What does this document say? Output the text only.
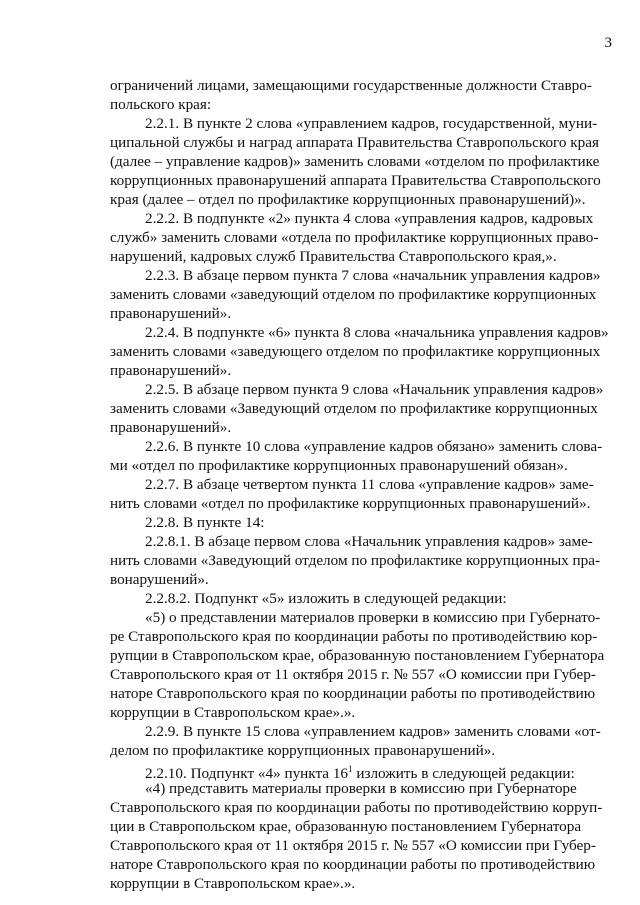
3
ограничений лицами, замещающими государственные должности Ставро-
польского края:
2.2.1. В пункте 2 слова «управлением кадров, государственной, муни-
ципальной службы и наград аппарата Правительства Ставропольского края
(далее – управление кадров)» заменить словами «отделом по профилактике
коррупционных правонарушений аппарата Правительства Ставропольского
края (далее – отдел по профилактике коррупционных правонарушений)».
2.2.2. В подпункте «2» пункта 4 слова «управления кадров, кадровых
служб» заменить словами «отдела по профилактике коррупционных право-
нарушений, кадровых служб Правительства Ставропольского края,».
2.2.3. В абзаце первом пункта 7 слова «начальник управления кадров»
заменить словами «заведующий отделом по профилактике коррупционных
правонарушений».
2.2.4. В подпункте «6» пункта 8 слова «начальника управления кадров»
заменить словами «заведующего отделом по профилактике коррупционных
правонарушений».
2.2.5. В абзаце первом пункта 9 слова «Начальник управления кадров»
заменить словами «Заведующий отделом по профилактике коррупционных
правонарушений».
2.2.6. В пункте 10 слова «управление кадров обязано» заменить слова-
ми «отдел по профилактике коррупционных правонарушений обязан».
2.2.7. В абзаце четвертом пункта 11 слова «управление кадров» заме-
нить словами «отдел по профилактике коррупционных правонарушений».
2.2.8. В пункте 14:
2.2.8.1. В абзаце первом слова «Начальник управления кадров» заме-
нить словами «Заведующий отделом по профилактике коррупционных пра-
вонарушений».
2.2.8.2. Подпункт «5» изложить в следующей редакции:
«5) о представлении материалов проверки в комиссию при Губернато-
ре Ставропольского края по координации работы по противодействию кор-
рупции в Ставропольском крае, образованную постановлением Губернатора
Ставропольского края от 11 октября 2015 г. № 557 «О комиссии при Губер-
наторе Ставропольского края по координации работы по противодействию
коррупции в Ставропольском крае».».
2.2.9. В пункте 15 слова «управлением кадров» заменить словами «от-
делом по профилактике коррупционных правонарушений».
2.2.10. Подпункт «4» пункта 161 изложить в следующей редакции:
«4) представить материалы проверки в комиссию при Губернаторе
Ставропольского края по координации работы по противодействию корруп-
ции в Ставропольском крае, образованную постановлением Губернатора
Ставропольского края от 11 октября 2015 г. № 557 «О комиссии при Губер-
наторе Ставропольского края по координации работы по противодействию
коррупции в Ставропольском крае».».
